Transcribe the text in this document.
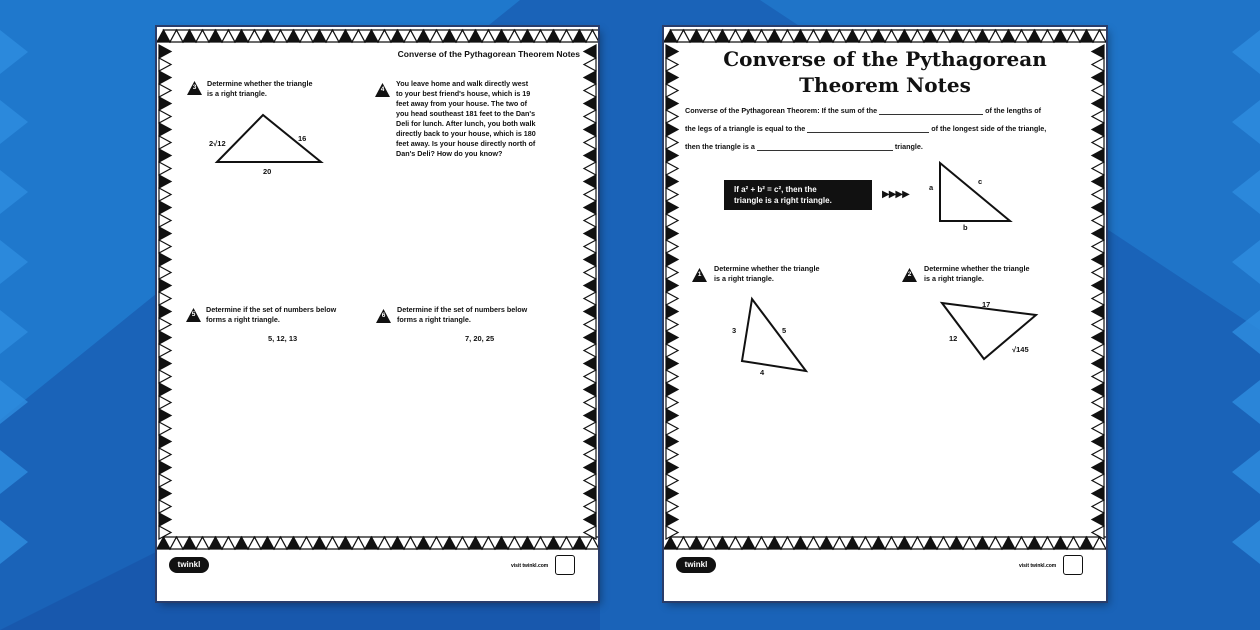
Converse of the Pythagorean Theorem Notes
3	Determine whether the triangle
is a right triangle.
2√12
16
20
4
You leave home and walk directly west
to your best friend's house, which is 19
feet away from your house. The two of
you head southeast 181 feet to the Dan's
Deli for lunch. After lunch, you both walk
directly back to your house, which is 180
feet away. Is your house directly north of
Dan's Deli? How do you know?
5
Determine if the set of numbers below
forms a right triangle.
5, 12, 13
6
Determine if the set of numbers below
forms a right triangle.
7, 20, 25
twinkl	visit twinkl.com
Converse of the Pythagorean
Theorem Notes
Converse of the Pythagorean Theorem: If the sum of the	of the lengths of
the legs of a triangle is equal to the	of the longest side of the triangle,
then the triangle is a	triangle.
If a² + b² = c², then the
triangle is a right triangle.
▶▶▶▶
a
c
b
1
Determine whether the triangle
is a right triangle.
3	5
4
2
Determine whether the triangle
is a right triangle.
17
12
√145
twinkl	visit twinkl.com
